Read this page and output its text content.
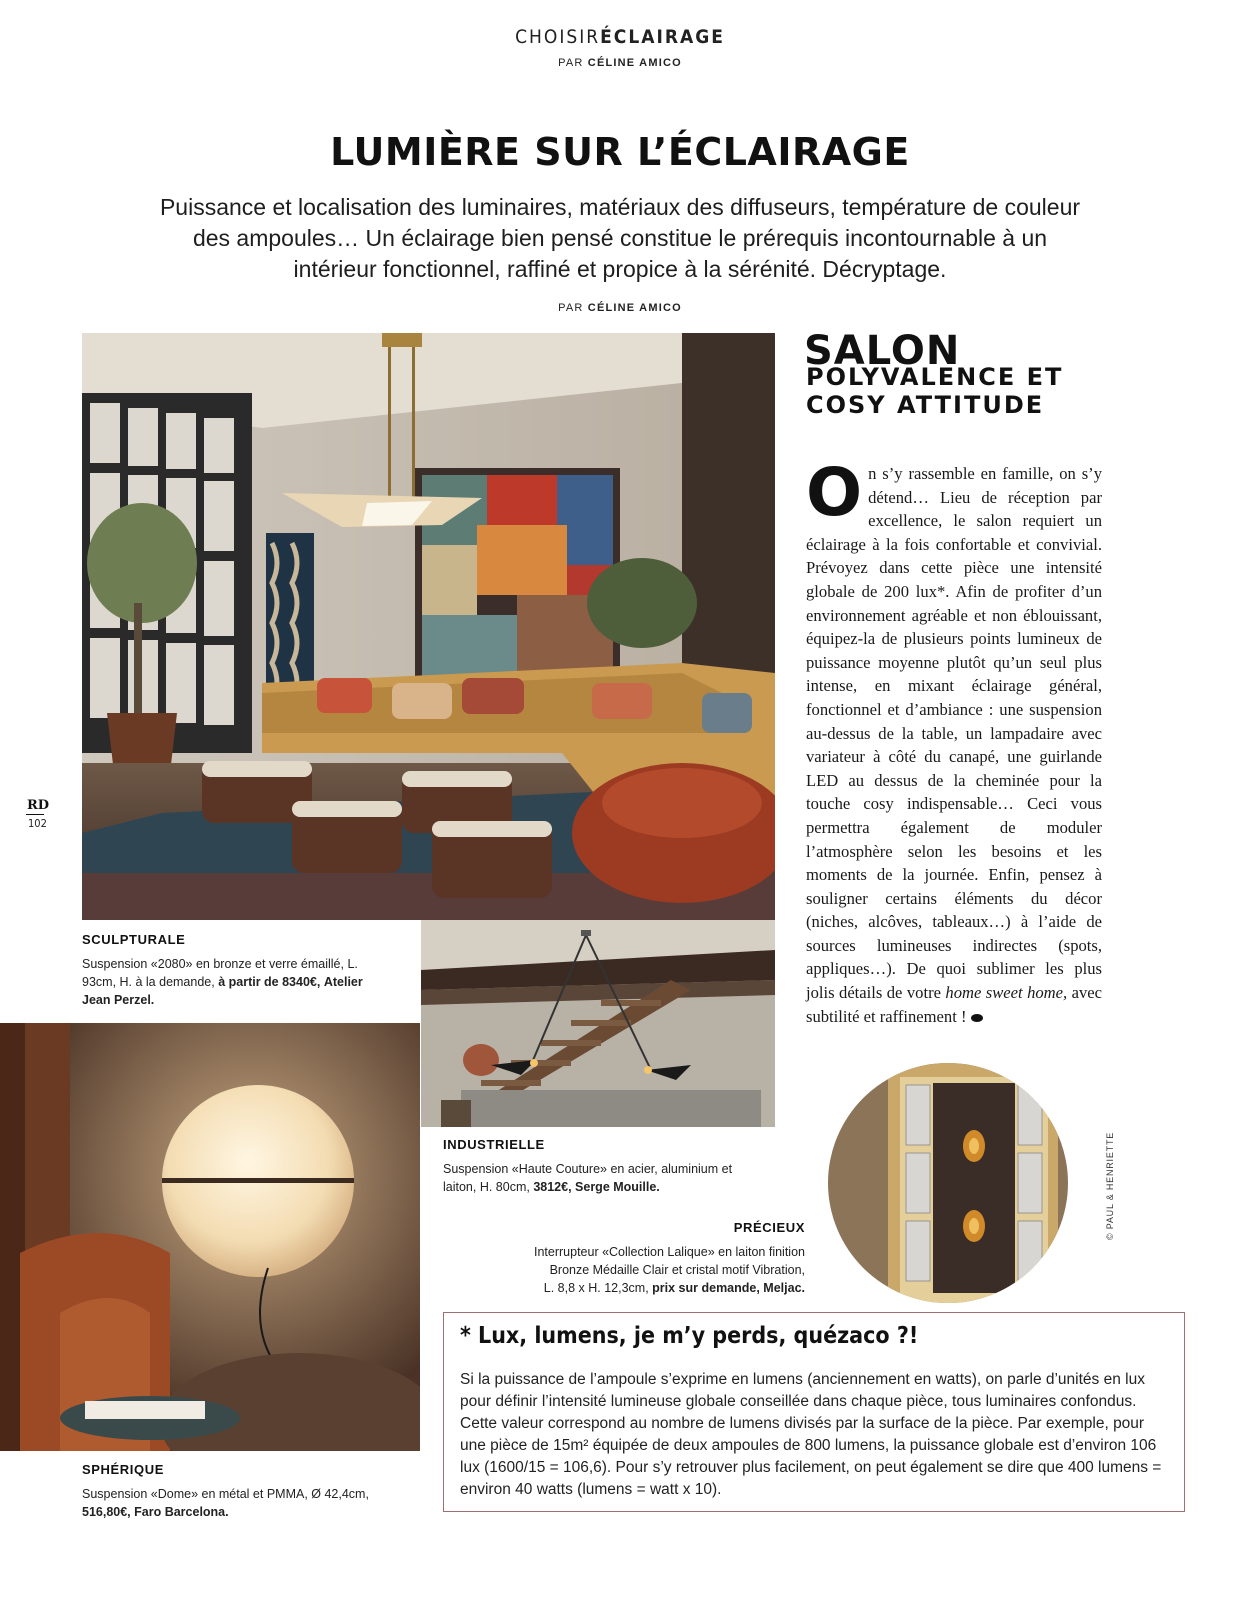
CHOISIRÉCLAIRAGE
PAR CÉLINE AMICO
LUMIÈRE SUR L’ÉCLAIRAGE
Puissance et localisation des luminaires, matériaux des diffuseurs, température de couleur des ampoules… Un éclairage bien pensé constitue le prérequis incontournable à un intérieur fonctionnel, raffiné et propice à la sérénité. Décryptage.
PAR CÉLINE AMICO
SALON
POLYVALENCE ET COSY ATTITUDE
On s’y rassemble en famille, on s’y détend… Lieu de réception par excellence, le salon requiert un éclairage à la fois confortable et convivial. Prévoyez dans cette pièce une intensité globale de 200 lux*. Afin de profiter d’un environnement agréable et non éblouissant, équipez-la de plusieurs points lumineux de puissance moyenne plutôt qu’un seul plus intense, en mixant éclairage général, fonctionnel et d’ambiance : une suspension au-dessus de la table, un lampadaire avec variateur à côté du canapé, une guirlande LED au dessus de la cheminée pour la touche cosy indispensable… Ceci vous permettra également de moduler l’atmosphère selon les besoins et les moments de la journée. Enfin, pensez à souligner certains éléments du décor (niches, alcôves, tableaux…) à l’aide de sources lumineuses indirectes (spots, appliques…). De quoi sublimer les plus jolis détails de votre home sweet home, avec subtilité et raffinement !
SCULPTURALE
Suspension «2080» en bronze et verre émaillé, L. 93cm, H. à la demande, à partir de 8340€, Atelier Jean Perzel.
INDUSTRIELLE
Suspension «Haute Couture» en acier, aluminium et laiton, H. 80cm, 3812€, Serge Mouille.
SPHÉRIQUE
Suspension «Dome» en métal et PMMA, Ø 42,4cm, 516,80€, Faro Barcelona.
PRÉCIEUX
Interrupteur «Collection Lalique» en laiton finition
Bronze Médaille Clair et cristal motif Vibration,
L. 8,8 x H. 12,3cm, prix sur demande, Meljac.
© PAUL & HENRIETTE
RD
102
* Lux, lumens, je m’y perds, quézaco ?!
Si la puissance de l’ampoule s’exprime en lumens (anciennement en watts), on parle d’unités en lux pour définir l’intensité lumineuse globale conseillée dans chaque pièce, tous luminaires confondus. Cette valeur correspond au nombre de lumens divisés par la surface de la pièce. Par exemple, pour une pièce de 15m² équipée de deux ampoules de 800 lumens, la puissance globale est d’environ 106 lux (1600/15 = 106,6). Pour s’y retrouver plus facilement, on peut également se dire que 400 lumens = environ 40 watts (lumens = watt x 10).
